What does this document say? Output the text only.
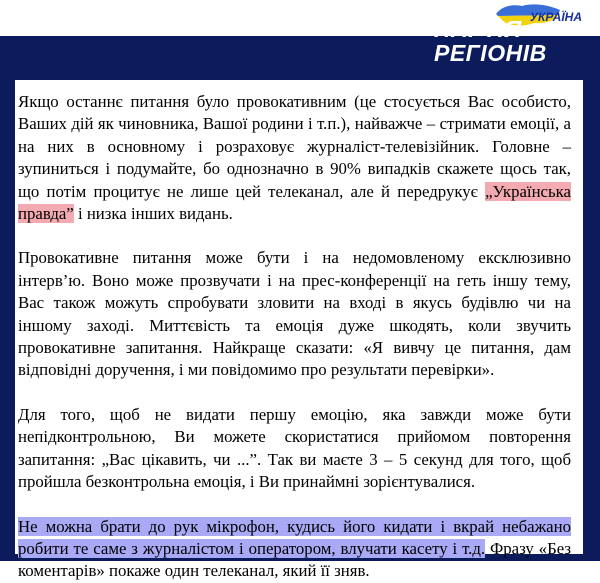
УКРАЇНА
ПАРТІЯ
РЕГІОНІВ

Якщо останнє питання було провокативним (це стосується Вас особисто, Ваших дій як чиновника, Вашої родини і т.п.), найважче – стримати емоції, а на них в основному і розраховує журналіст-телевізійник. Головне – зупиниться і подумайте, бо однозначно в 90% випадків скажете щось так, що потім процитує не лише цей телеканал, але й передрукує „Українська правда” і низка інших видань.

Провокативне питання може бути і на недомовленому ексклюзивно інтерв’ю. Воно може прозвучати і на прес-конференції на геть іншу тему, Вас також можуть спробувати зловити на вході в якусь будівлю чи на іншому заході. Миттєвість та емоція дуже шкодять, коли звучить провокативне запитання. Найкраще сказати: «Я вивчу це питання, дам відповідні доручення, і ми повідомимо про результати перевірки».

Для того, щоб не видати першу емоцію, яка завжди може бути непідконтрольною, Ви можете скористатися прийомом повторення запитання: „Вас цікавить, чи ...”. Так ви маєте 3 – 5 секунд для того, щоб пройшла безконтрольна емоція, і Ви принаймні зорієнтувалися.

Не можна брати до рук мікрофон, кудись його кидати і вкрай небажано робити те саме з журналістом і оператором, влучати касету і т.д. Фразу «Без коментарів» покаже один телеканал, який її зняв.
